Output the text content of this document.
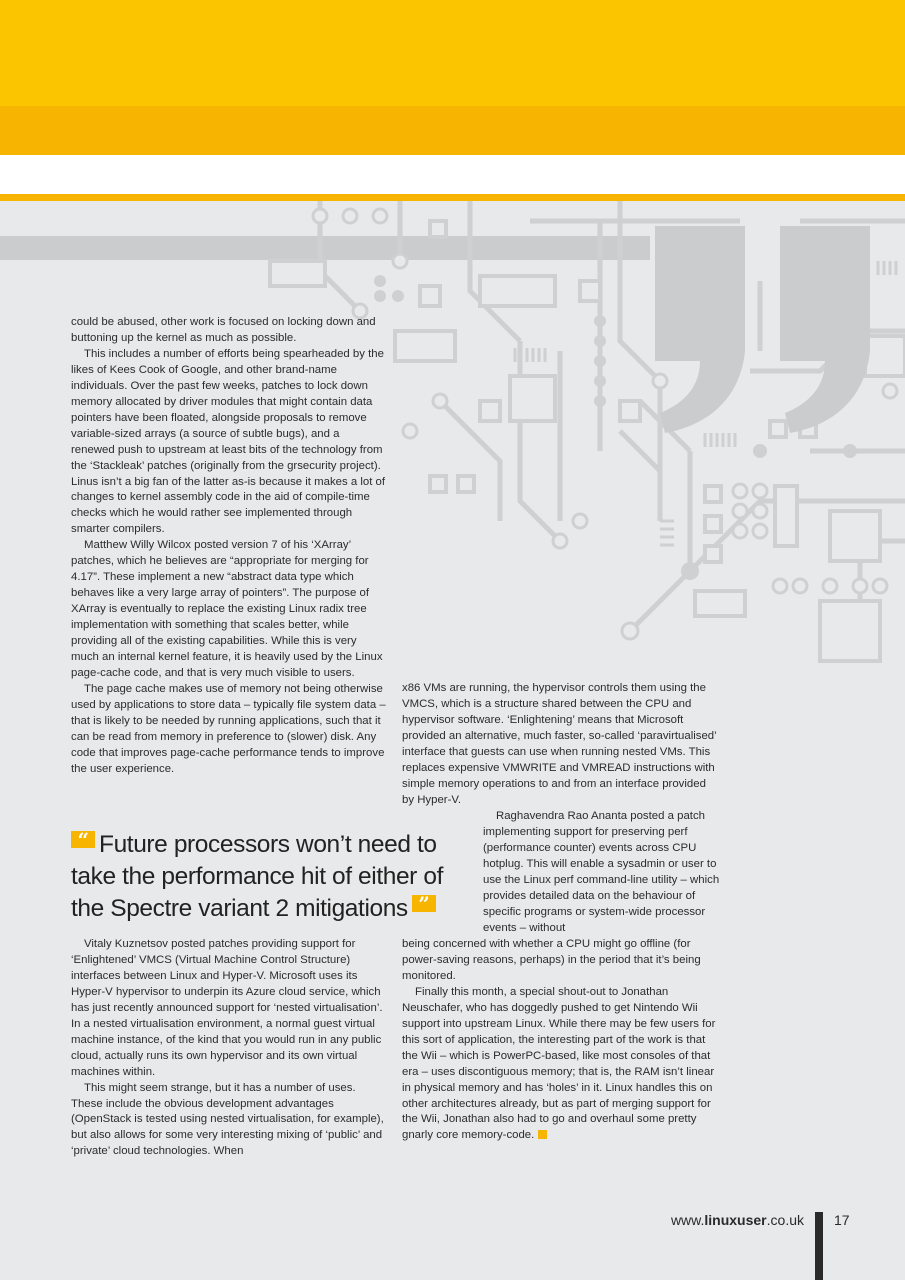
could be abused, other work is focused on locking down and buttoning up the kernel as much as possible.

This includes a number of efforts being spearheaded by the likes of Kees Cook of Google, and other brand-name individuals. Over the past few weeks, patches to lock down memory allocated by driver modules that might contain data pointers have been floated, alongside proposals to remove variable-sized arrays (a source of subtle bugs), and a renewed push to upstream at least bits of the technology from the ‘Stackleak’ patches (originally from the grsecurity project). Linus isn’t a big fan of the latter as-is because it makes a lot of changes to kernel assembly code in the aid of compile-time checks which he would rather see implemented through smarter compilers.

Matthew Willy Wilcox posted version 7 of his ‘XArray’ patches, which he believes are “appropriate for merging for 4.17”. These implement a new “abstract data type which behaves like a very large array of pointers”. The purpose of XArray is eventually to replace the existing Linux radix tree implementation with something that scales better, while providing all of the existing capabilities. While this is very much an internal kernel feature, it is heavily used by the Linux page-cache code, and that is very much visible to users.

The page cache makes use of memory not being otherwise used by applications to store data – typically file system data – that is likely to be needed by running applications, such that it can be read from memory in preference to (slower) disk. Any code that improves page-cache performance tends to improve the user experience.

x86 VMs are running, the hypervisor controls them using the VMCS, which is a structure shared between the CPU and hypervisor software. ‘Enlightening’ means that Microsoft provided an alternative, much faster, so-called ‘paravirtualised’ interface that guests can use when running nested VMs. This replaces expensive VMWRITE and VMREAD instructions with simple memory operations to and from an interface provided by Hyper-V.

Raghavendra Rao Ananta posted a patch implementing support for preserving perf (performance counter) events across CPU hotplug. This will enable a sysadmin or user to use the Linux perf command-line utility – which provides detailed data on the behaviour of specific programs or system-wide processor events – without

“ Future processors won’t need to take the performance hit of either of the Spectre variant 2 mitigations ”

Vitaly Kuznetsov posted patches providing support for ‘Enlightened’ VMCS (Virtual Machine Control Structure) interfaces between Linux and Hyper-V. Microsoft uses its Hyper-V hypervisor to underpin its Azure cloud service, which has just recently announced support for ‘nested virtualisation’. In a nested virtualisation environment, a normal guest virtual machine instance, of the kind that you would run in any public cloud, actually runs its own hypervisor and its own virtual machines within.

This might seem strange, but it has a number of uses. These include the obvious development advantages (OpenStack is tested using nested virtualisation, for example), but also allows for some very interesting mixing of ‘public’ and ‘private’ cloud technologies. When

being concerned with whether a CPU might go offline (for power-saving reasons, perhaps) in the period that it’s being monitored.

Finally this month, a special shout-out to Jonathan Neuschafer, who has doggedly pushed to get Nintendo Wii support into upstream Linux. While there may be few users for this sort of application, the interesting part of the work is that the Wii – which is PowerPC-based, like most consoles of that era – uses discontiguous memory; that is, the RAM isn’t linear in physical memory and has ‘holes’ in it. Linux handles this on other architectures already, but as part of merging support for the Wii, Jonathan also had to go and overhaul some pretty gnarly core memory-code.

www.linuxuser.co.uk 17
